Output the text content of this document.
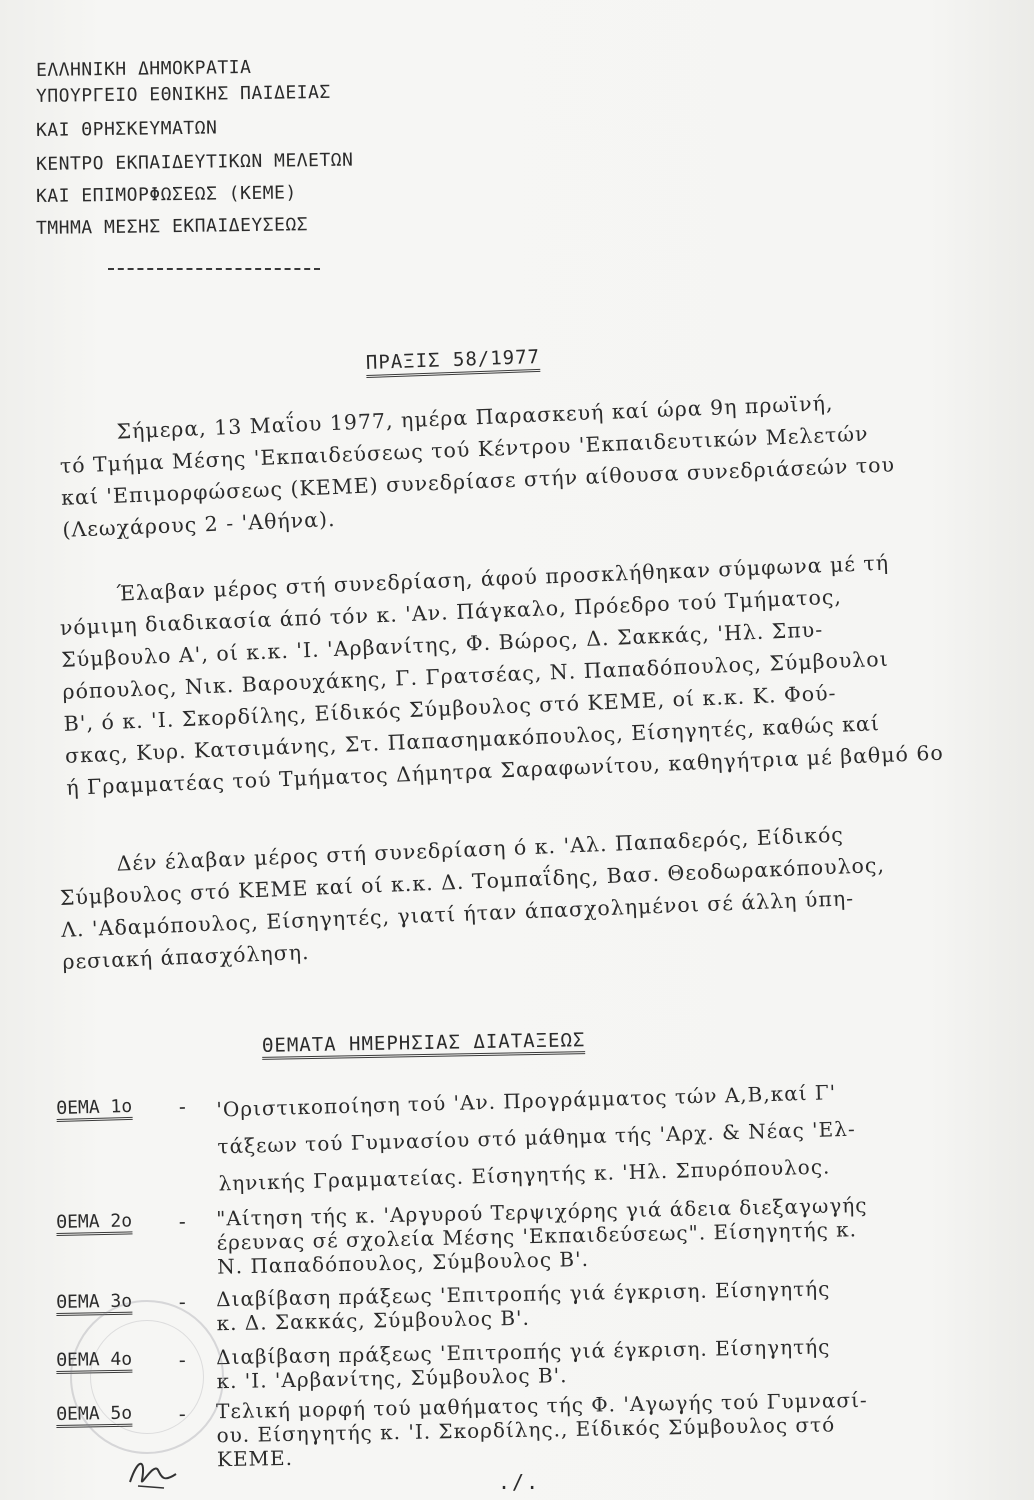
ΕΛΛΗΝΙΚΗ ΔΗΜΟΚΡΑΤΙΑ
ΥΠΟΥΡΓΕΙΟ ΕΘΝΙΚΗΣ ΠΑΙΔΕΙΑΣ
ΚΑΙ ΘΡΗΣΚΕΥΜΑΤΩΝ
ΚΕΝΤΡΟ ΕΚΠΑΙΔΕΥΤΙΚΩΝ ΜΕΛΕΤΩΝ
ΚΑΙ ΕΠΙΜΟΡΦΩΣΕΩΣ (ΚΕΜΕ)
ΤΜΗΜΑ ΜΕΣΗΣ ΕΚΠΑΙΔΕΥΣΕΩΣ
ΠΡΑΞΙΣ 58/1977

Σήμερα, 13 Μαΐου 1977, ημέρα Παρασκευή καί ώρα 9η πρωϊνή,
τό Τμήμα Μέσης 'Εκπαιδεύσεως τού Κέντρου 'Εκπαιδευτικών Μελετών
καί 'Επιμορφώσεως (ΚΕΜΕ) συνεδρίασε στήν αίθουσα συνεδριάσεών του
(Λεωχάρους 2 - 'Αθήνα).

Έλαβαν μέρος στή συνεδρίαση, άφού προσκλήθηκαν σύμφωνα μέ τή
νόμιμη διαδικασία άπό τόν κ. 'Αν. Πάγκαλο, Πρόεδρο τού Τμήματος,
Σύμβουλο Α', οί κ.κ. 'Ι. 'Αρβανίτης, Φ. Βώρος, Δ. Σακκάς, 'Ηλ. Σπυ-
ρόπουλος, Νικ. Βαρουχάκης, Γ. Γρατσέας, Ν. Παπαδόπουλος, Σύμβουλοι
Β', ό κ. 'Ι. Σκορδίλης, Είδικός Σύμβουλος στό ΚΕΜΕ, οί κ.κ. Κ. Φού-
σκας, Κυρ. Κατσιμάνης, Στ. Παπασημακόπουλος, Είσηγητές, καθώς καί
ή Γραμματέας τού Τμήματος Δήμητρα Σαραφωνίτου, καθηγήτρια μέ βαθμό 6ο

Δέν έλαβαν μέρος στή συνεδρίαση ό κ. 'Αλ. Παπαδερός, Είδικός
Σύμβουλος στό ΚΕΜΕ καί οί κ.κ. Δ. Τομπαΐδης, Βασ. Θεοδωρακόπουλος,
Λ. 'Αδαμόπουλος, Είσηγητές, γιατί ήταν άπασχολημένοι σέ άλλη ύπη-
ρεσιακή άπασχόληση.

ΘΕΜΑΤΑ ΗΜΕΡΗΣΙΑΣ ΔΙΑΤΑΞΕΩΣ
ΘΕΜΑ 1ο - 'Οριστικοποίηση τού 'Αν. Προγράμματος τών Α,Β,καί Γ'
τάξεων τού Γυμνασίου στό μάθημα τής 'Αρχ. & Νέας 'Ελ-
ληνικής Γραμματείας. Είσηγητής κ. 'Ηλ. Σπυρόπουλος.
ΘΕΜΑ 2ο - "Αίτηση τής κ. 'Αργυρού Τερψιχόρης γιά άδεια διεξαγωγής
έρευνας σέ σχολεία Μέσης 'Εκπαιδεύσεως". Είσηγητής κ.
Ν. Παπαδόπουλος, Σύμβουλος Β'.
ΘΕΜΑ 3ο - Διαβίβαση πράξεως 'Επιτροπής γιά έγκριση. Είσηγητής
κ. Δ. Σακκάς, Σύμβουλος Β'.
ΘΕΜΑ 4ο - Διαβίβαση πράξεως 'Επιτροπής γιά έγκριση. Είσηγητής
κ. 'Ι. 'Αρβανίτης, Σύμβουλος Β'.
ΘΕΜΑ 5ο - Τελική μορφή τού μαθήματος τής Φ. 'Αγωγής τού Γυμνασί-
ου. Είσηγητής κ. 'Ι. Σκορδίλης., Είδικός Σύμβουλος στό
ΚΕΜΕ.
./.
